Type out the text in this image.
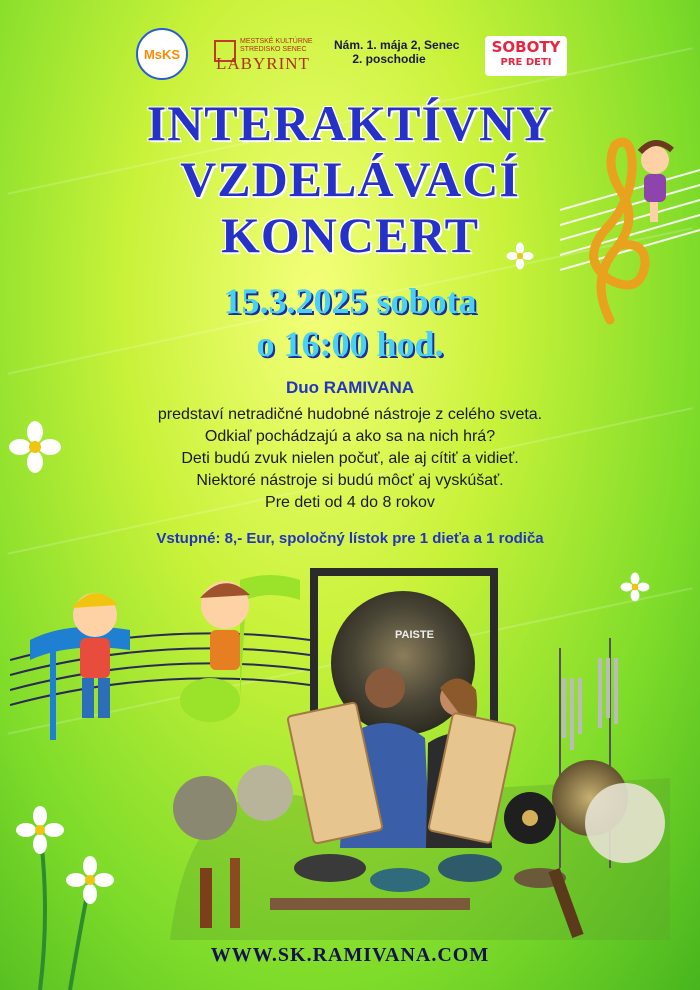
MsKS
MESTSKÉ KULTÚRNE STREDISKO SENEC
LABYRINT
Nám. 1. mája 2, Senec
2. poschodie
SOBOTY
PRE DETI
INTERAKTÍVNY
VZDELÁVACÍ
KONCERT
15.3.2025 sobota
o 16:00 hod.
Duo RAMIVANA
predstaví netradičné hudobné nástroje z celého sveta.
Odkiaľ pochádzajú a ako sa na nich hrá?
Deti budú zvuk nielen počuť, ale aj cítiť a vidieť.
Niektoré nástroje si budú môcť aj vyskúšať.
Pre deti od 4 do 8 rokov
Vstupné: 8,- Eur, spoločný lístok pre 1 dieťa a 1 rodiča
PAISTE
WWW.SK.RAMIVANA.COM
